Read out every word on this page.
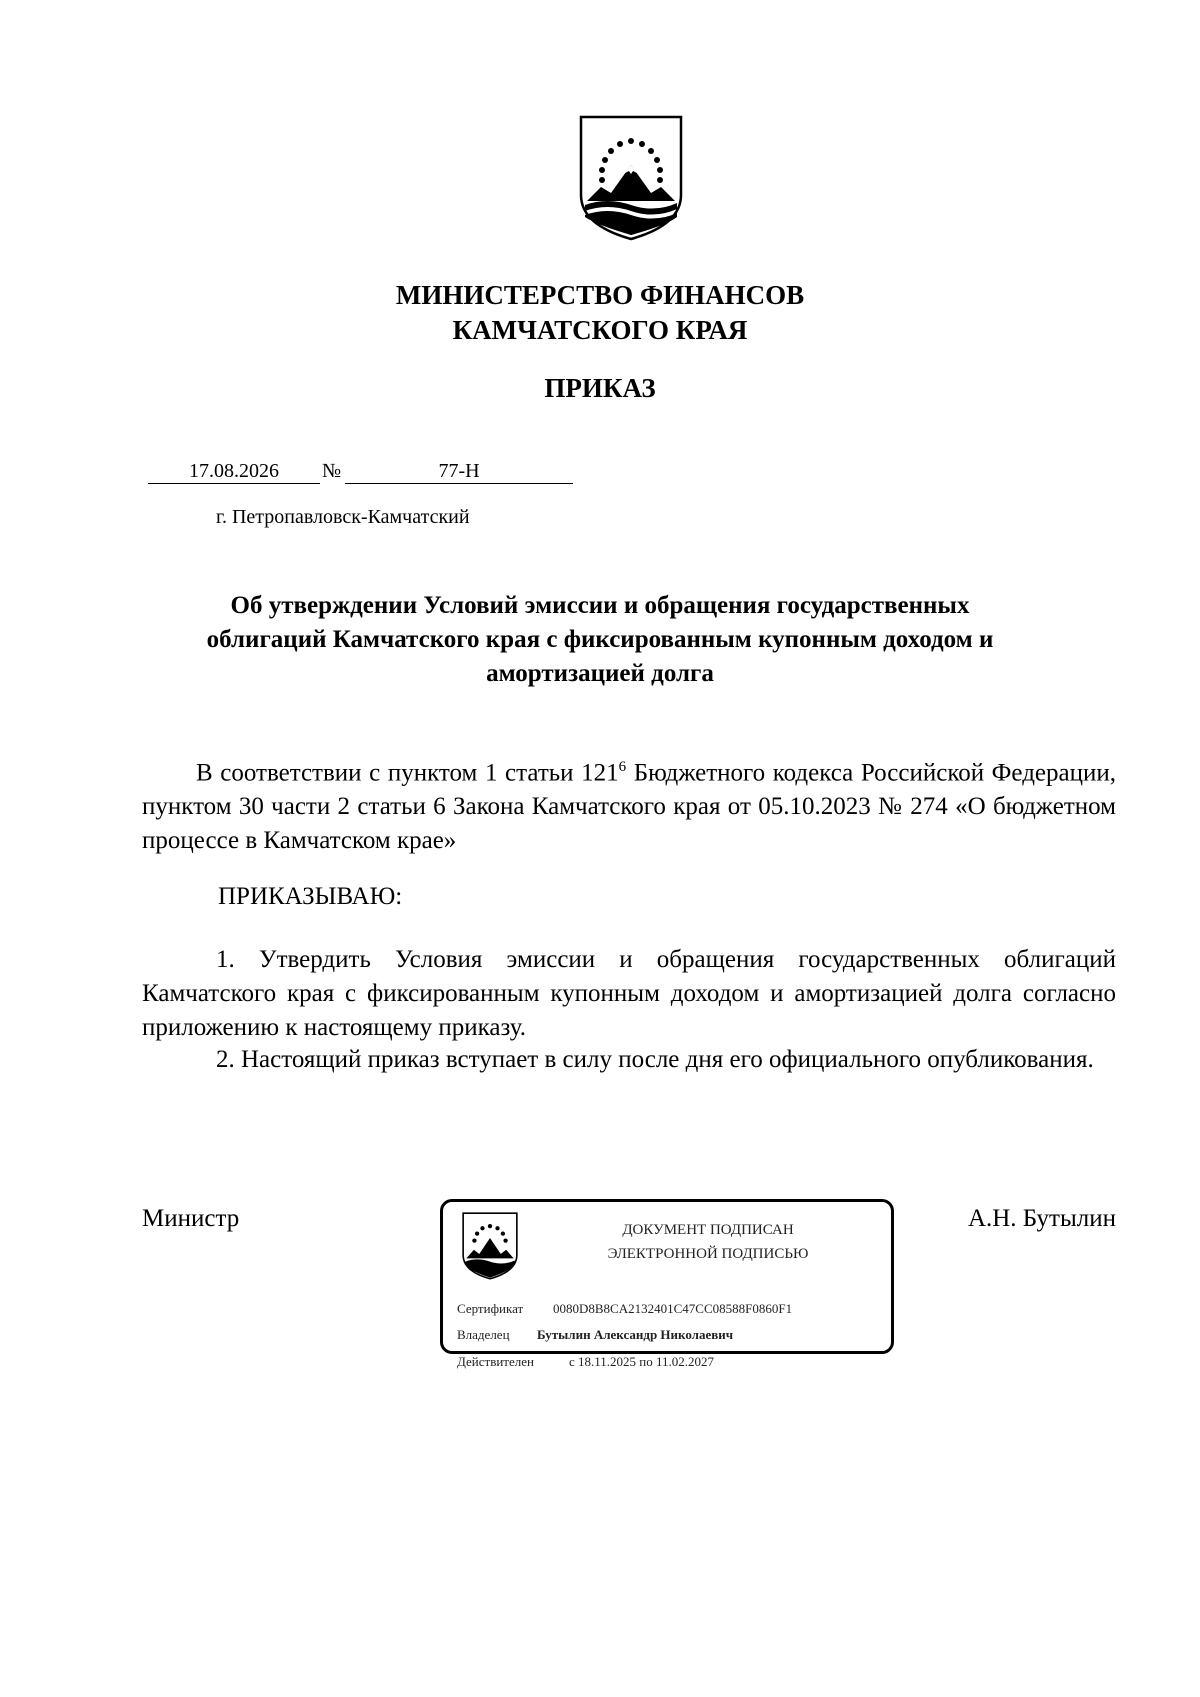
МИНИСТЕРСТВО ФИНАНСОВ
КАМЧАТСКОГО КРАЯ
ПРИКАЗ
17.08.2026	№	77-Н
г. Петропавловск-Камчатский
Об утверждении Условий эмиссии и обращения государственных
облигаций Камчатского края с фиксированным купонным доходом и
амортизацией долга
В соответствии с пунктом 1 статьи $121^6$ Бюджетного кодекса Российской Федерации, пунктом 30 части 2 статьи 6 Закона Камчатского края от 05.10.2023 № 274 «О бюджетном процессе в Камчатском крае»
ПРИКАЗЫВАЮ:
1. Утвердить Условия эмиссии и обращения государственных облигаций Камчатского края с фиксированным купонным доходом и амортизацией долга согласно приложению к настоящему приказу.
2. Настоящий приказ вступает в силу после дня его официального опубликования.
Министр	А.Н. Бутылин
ДОКУМЕНТ ПОДПИСАН
ЭЛЕКТРОННОЙ ПОДПИСЬЮ
Сертификат 0080D8B8CA2132401C47CC08588F0860F1
Владелец Бутылин Александр Николаевич
Действителен	с 18.11.2025 по 11.02.2027
